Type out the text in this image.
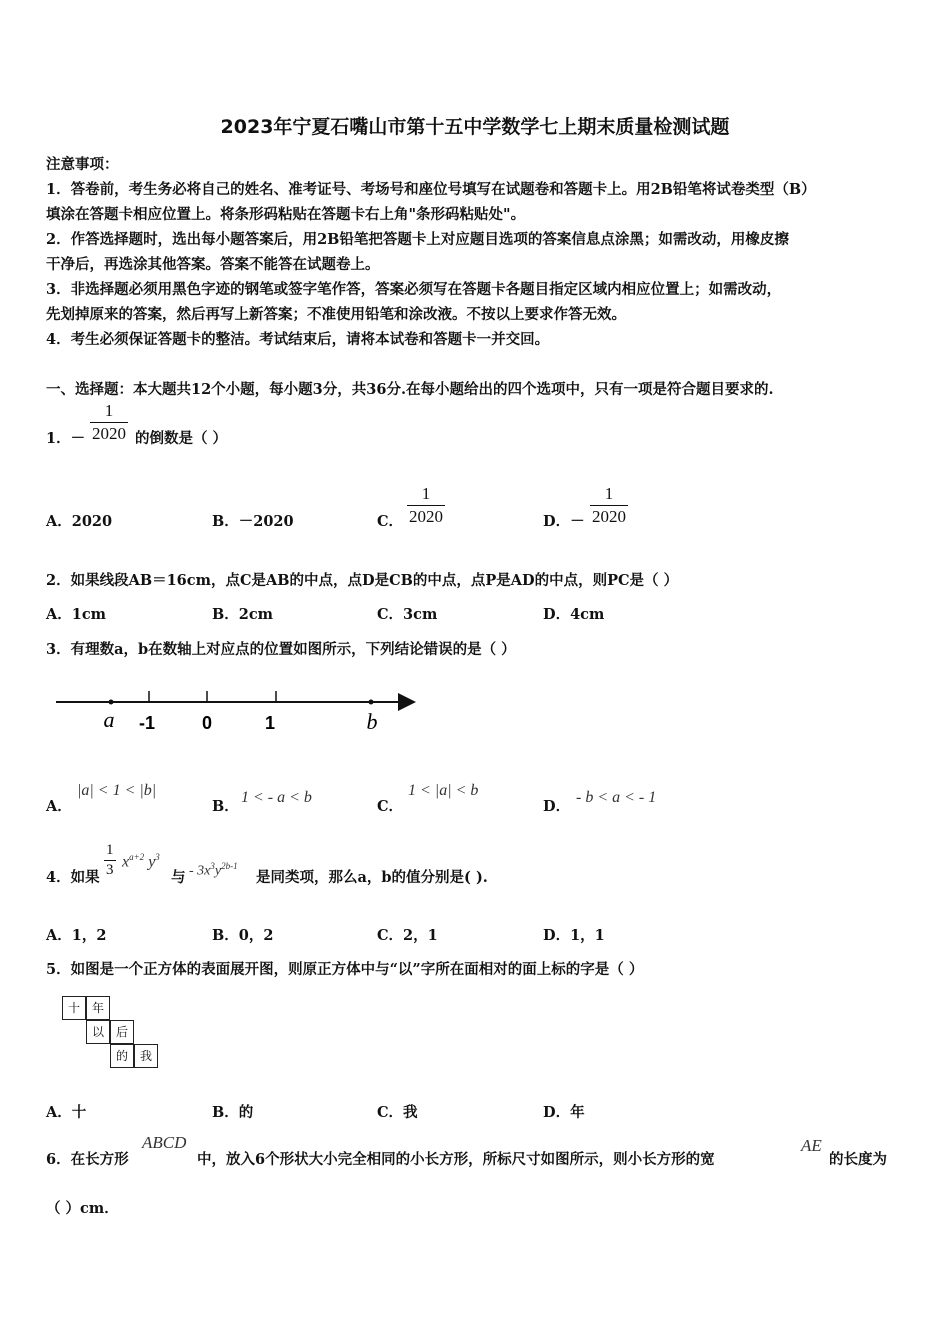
2023年宁夏石嘴山市第十五中学数学七上期末质量检测试题
注意事项：
1．答卷前，考生务必将自己的姓名、准考证号、考场号和座位号填写在试题卷和答题卡上。用2B铅笔将试卷类型（B）
填涂在答题卡相应位置上。将条形码粘贴在答题卡右上角"条形码粘贴处"。
2．作答选择题时，选出每小题答案后，用2B铅笔把答题卡上对应题目选项的答案信息点涂黑；如需改动，用橡皮擦
干净后，再选涂其他答案。答案不能答在试题卷上。
3．非选择题必须用黑色字迹的钢笔或签字笔作答，答案必须写在答题卡各题目指定区域内相应位置上；如需改动，
先划掉原来的答案，然后再写上新答案；不准使用铅笔和涂改液。不按以上要求作答无效。
4．考生必须保证答题卡的整洁。考试结束后，请将本试卷和答题卡一并交回。
一、选择题：本大题共12个小题，每小题3分，共36分.在每小题给出的四个选项中，只有一项是符合题目要求的.
1．－
1
2020 的倒数是（ ）
A．2020	B．－2020	C．
1
2020	D．－
1
2020
2．如果线段AB＝16cm，点C是AB的中点，点D是CB的中点，点P是AD的中点，则PC是（ ）
A．1cm	B．2cm	C．3cm	D．4cm
3．有理数a，b在数轴上对应点的位置如图所示，下列结论错误的是（ ）
a -1	0	1	b
A．
|a| < 1 < |b|
B．
1 < - a < b
C．
1 < |a| < b
D．
- b < a < - 1
4．如果
1
3 $x^{a+2}$ $y^3$
与 - $3x^3y^{2b-1}$
是同类项，那么a，b的值分别是( ).
A．1，2	B．0，2	C．2，1	D．1，1
5．如图是一个正方体的表面展开图，则原正方体中与“以”字所在面相对的面上标的字是（ ）
十 年
以 后
的 我
A．十	B．的	C．我	D．年
6．在长方形
ABCD
中，放入6个形状大小完全相同的小长方形，所标尺寸如图所示，则小长方形的宽
AE
的长度为
（ ）cm．
